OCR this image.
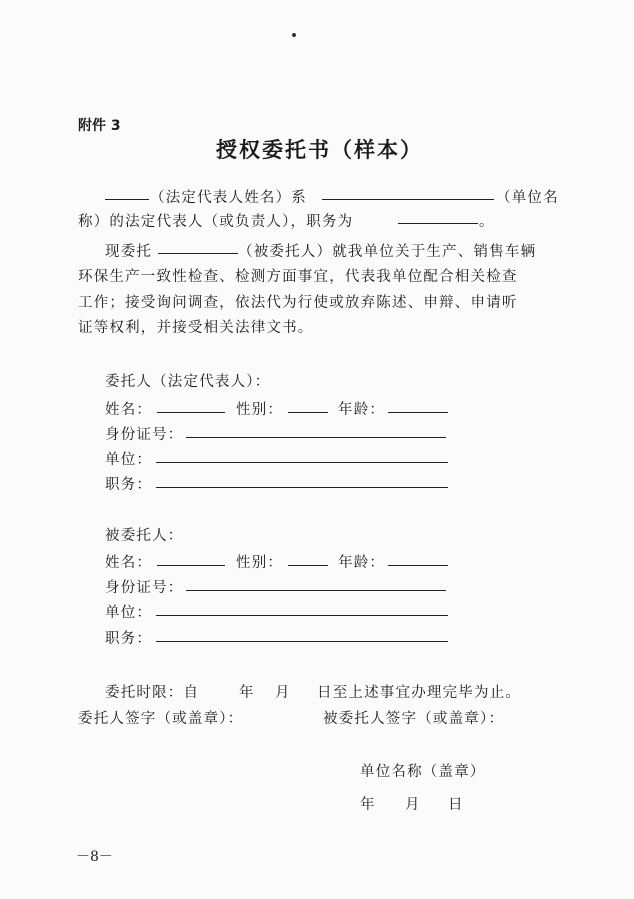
附件 3
授权委托书（样本）
（法定代表人姓名）系	（单位名
称）的法定代表人（或负责人），职务为	。
现委托	（被委托人）就我单位关于生产、销售车辆
环保生产一致性检查、检测方面事宜，代表我单位配合相关检查
工作；接受询问调查，依法代为行使或放弃陈述、申辩、申请听
证等权利，并接受相关法律文书。
委托人（法定代表人）：
姓名：	性别：	年龄：
身份证号：
单位：
职务：
被委托人：
姓名：	性别：	年龄：
身份证号：
单位：
职务：
委托时限：自	年 月 日至上述事宜办理完毕为止。
委托人签字（或盖章）：	被委托人签字（或盖章）：
单位名称（盖章）
年 月 日
－8－
